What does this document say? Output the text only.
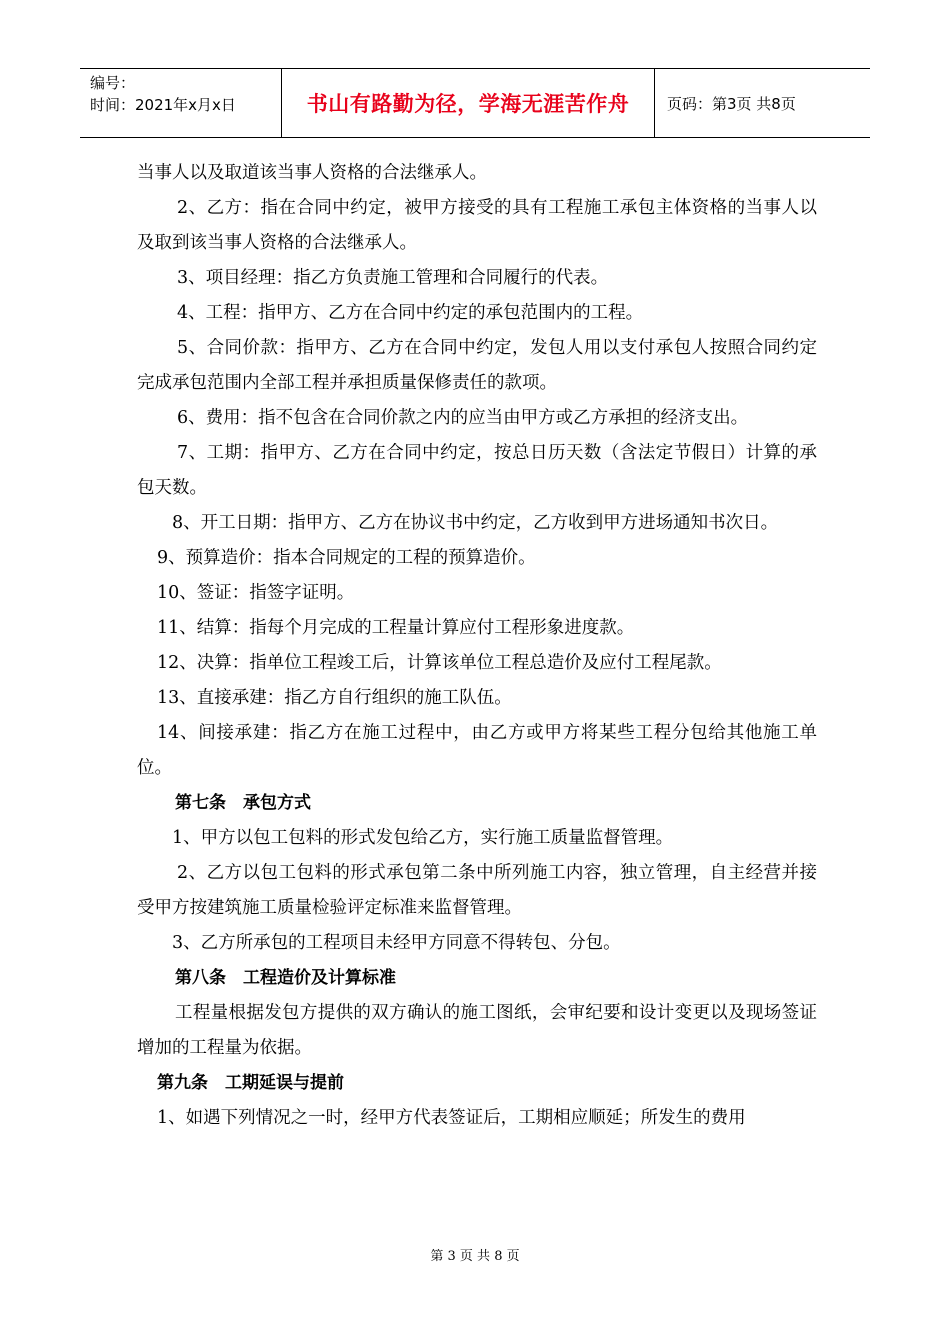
编号：
时间：2021年x月x日	书山有路勤为径，学海无涯苦作舟	页码：第3页 共8页

当事人以及取道该当事人资格的合法继承人。

2、乙方：指在合同中约定，被甲方接受的具有工程施工承包主体资格的当事人以及取到该当事人资格的合法继承人。

3、项目经理：指乙方负责施工管理和合同履行的代表。

4、工程：指甲方、乙方在合同中约定的承包范围内的工程。

5、合同价款：指甲方、乙方在合同中约定，发包人用以支付承包人按照合同约定完成承包范围内全部工程并承担质量保修责任的款项。

6、费用：指不包含在合同价款之内的应当由甲方或乙方承担的经济支出。

7、工期：指甲方、乙方在合同中约定，按总日历天数（含法定节假日）计算的承包天数。

8、开工日期：指甲方、乙方在协议书中约定，乙方收到甲方进场通知书次日。

9、预算造价：指本合同规定的工程的预算造价。

10、签证：指签字证明。

11、结算：指每个月完成的工程量计算应付工程形象进度款。

12、决算：指单位工程竣工后，计算该单位工程总造价及应付工程尾款。

13、直接承建：指乙方自行组织的施工队伍。

14、间接承建：指乙方在施工过程中，由乙方或甲方将某些工程分包给其他施工单位。

第七条　承包方式

1、甲方以包工包料的形式发包给乙方，实行施工质量监督管理。

2、乙方以包工包料的形式承包第二条中所列施工内容，独立管理，自主经营并接受甲方按建筑施工质量检验评定标准来监督管理。

3、乙方所承包的工程项目未经甲方同意不得转包、分包。

第八条　工程造价及计算标准

工程量根据发包方提供的双方确认的施工图纸，会审纪要和设计变更以及现场签证增加的工程量为依据。

第九条　工期延误与提前

1、如遇下列情况之一时，经甲方代表签证后，工期相应顺延；所发生的费用

第 3 页 共 8 页
